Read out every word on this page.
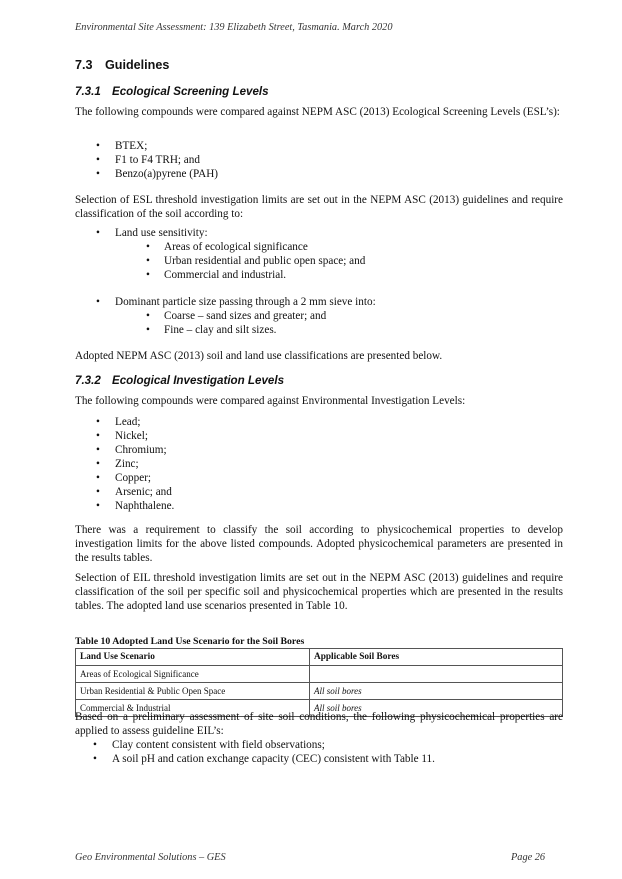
Environmental Site Assessment: 139 Elizabeth Street, Tasmania. March 2020
7.3 Guidelines
7.3.1 Ecological Screening Levels
The following compounds were compared against NEPM ASC (2013) Ecological Screening Levels (ESL’s):
• BTEX;
• F1 to F4 TRH; and
• Benzo(a)pyrene (PAH)
Selection of ESL threshold investigation limits are set out in the NEPM ASC (2013) guidelines and require classification of the soil according to:
• Land use sensitivity:
• Areas of ecological significance
• Urban residential and public open space; and
• Commercial and industrial.
• Dominant particle size passing through a 2 mm sieve into:
• Coarse – sand sizes and greater; and
• Fine – clay and silt sizes.
Adopted NEPM ASC (2013) soil and land use classifications are presented below.
7.3.2 Ecological Investigation Levels
The following compounds were compared against Environmental Investigation Levels:
• Lead;
• Nickel;
• Chromium;
• Zinc;
• Copper;
• Arsenic; and
• Naphthalene.
There was a requirement to classify the soil according to physicochemical properties to develop investigation limits for the above listed compounds. Adopted physicochemical parameters are presented in the results tables.
Selection of EIL threshold investigation limits are set out in the NEPM ASC (2013) guidelines and require classification of the soil per specific soil and physicochemical properties which are presented in the results tables. The adopted land use scenarios presented in Table 10.
Table 10 Adopted Land Use Scenario for the Soil Bores
Land Use Scenario	Applicable Soil Bores
Areas of Ecological Significance	
Urban Residential & Public Open Space	All soil bores
Commercial & Industrial	All soil bores
Based on a preliminary assessment of site soil conditions, the following physicochemical properties are applied to assess guideline EIL’s:
• Clay content consistent with field observations;
• A soil pH and cation exchange capacity (CEC) consistent with Table 11.
Geo Environmental Solutions – GES	Page 26
